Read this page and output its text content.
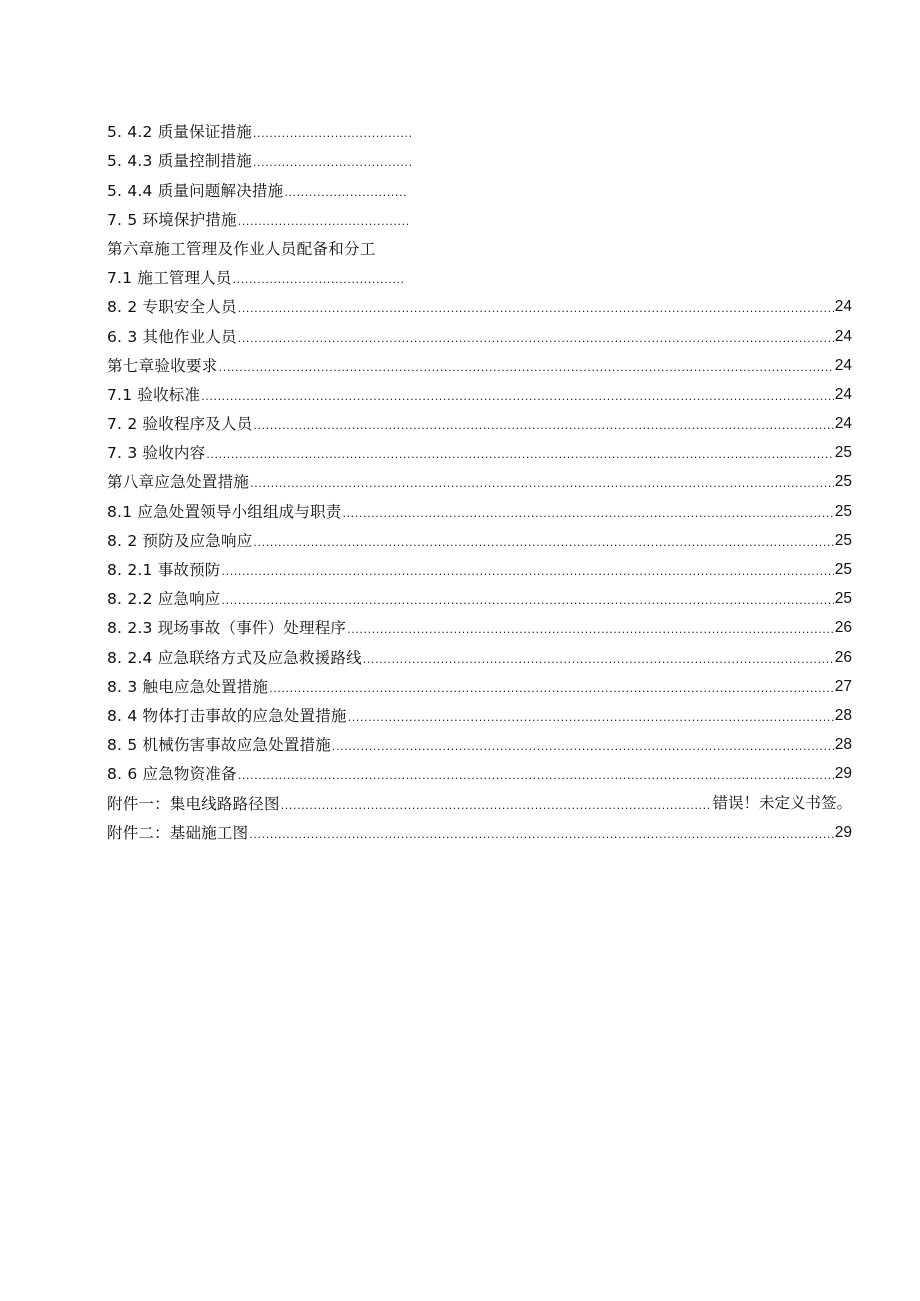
5. 4.2 质量保证措施
.....
5. 4.3 质量控制措施
.....
5. 4.4 质量问题解决措施
.....
7. 5 环境保护措施
.....
第六章施工管理及作业人员配备和分工
7.1 施工管理人员
.....
8. 2 专职安全人员 .....	24
6. 3 其他作业人员 .....	24
第七章验收要求 .....	24
7.1 验收标准 .....	24
7. 2 验收程序及人员 .....	24
7. 3 验收内容 .....	25
第八章应急处置措施 .....	25
8.1 应急处置领导小组组成与职责 .....	25
8. 2 预防及应急响应 .....	25
8. 2.1 事故预防 .....	25
8. 2.2 应急响应 .....	25
8. 2.3 现场事故（事件）处理程序 .....	26
8. 2.4 应急联络方式及应急救援路线 .....	26
8. 3 触电应急处置措施 .....	27
8. 4 物体打击事故的应急处置措施 .....	28
8. 5 机械伤害事故应急处置措施 .....	28
8. 6 应急物资准备 .....	29
附件一：集电线路路径图 .....	错误！未定义书签。
附件二：基础施工图 .....	29
